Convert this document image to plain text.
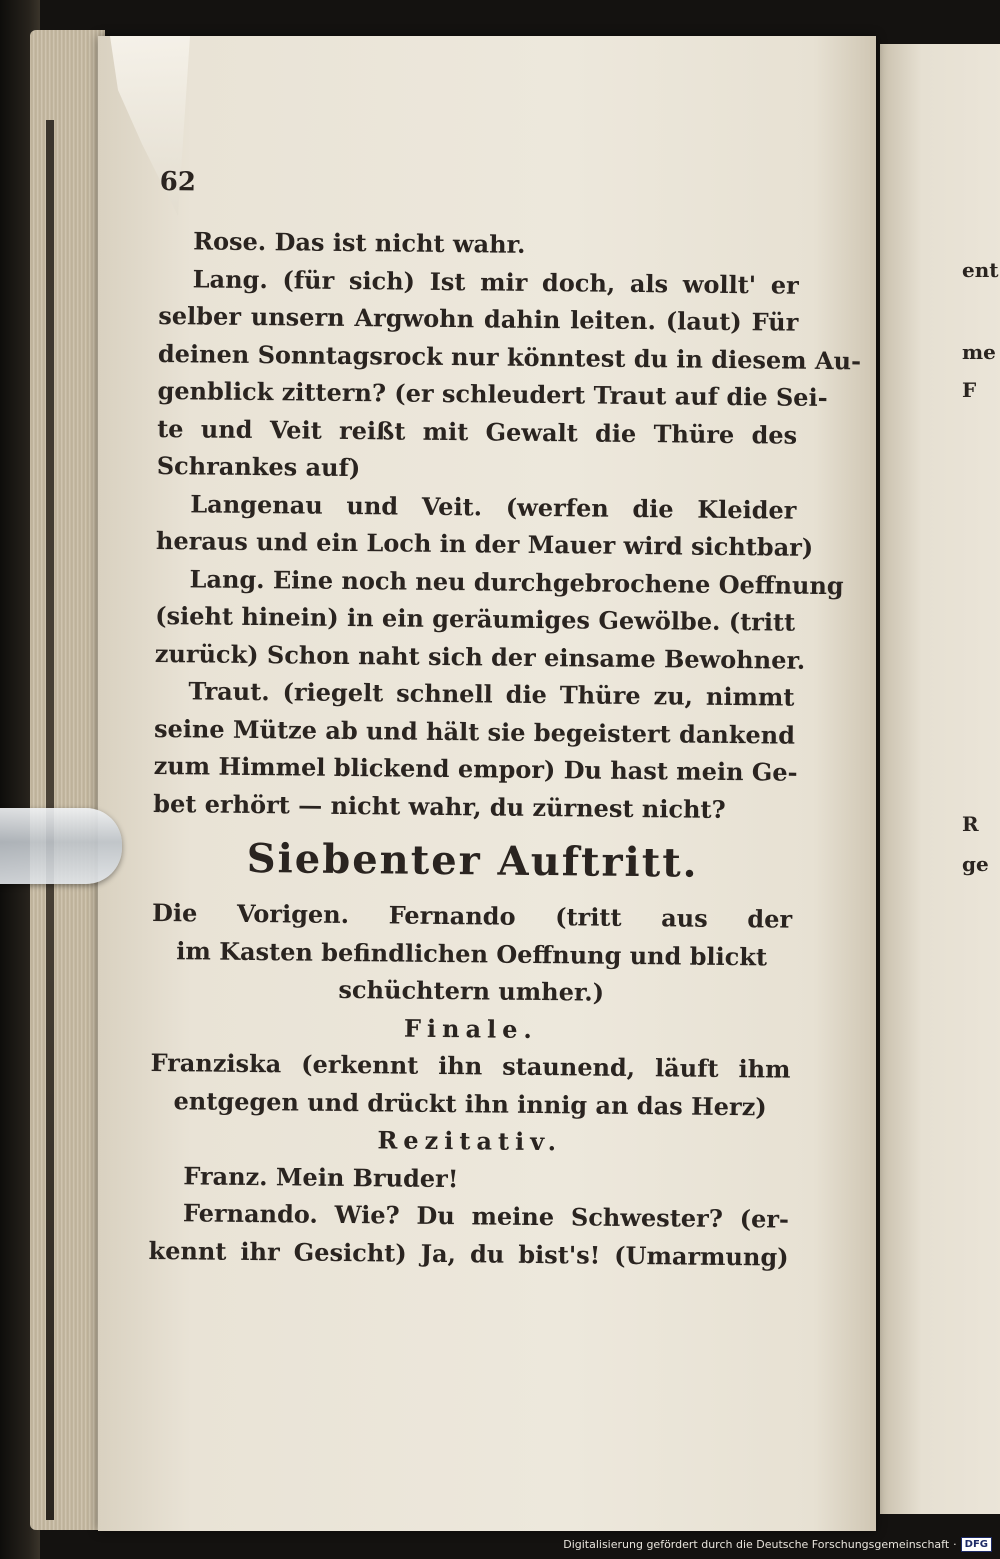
62
Rose. Das ist nicht wahr.
Lang. (für sich) Ist mir doch, als wollt' er
selber unsern Argwohn dahin leiten. (laut) Für
deinen Sonntagsrock nur könntest du in diesem Au-
genblick zittern? (er schleudert Traut auf die Sei-
te und Veit reißt mit Gewalt die Thüre des
Schrankes auf)
Langenau und Veit. (werfen die Kleider
heraus und ein Loch in der Mauer wird sichtbar)
Lang. Eine noch neu durchgebrochene Oeffnung
(sieht hinein) in ein geräumiges Gewölbe. (tritt
zurück) Schon naht sich der einsame Bewohner.
Traut. (riegelt schnell die Thüre zu, nimmt
seine Mütze ab und hält sie begeistert dankend
zum Himmel blickend empor) Du hast mein Ge-
bet erhört — nicht wahr, du zürnest nicht?
Siebenter Auftritt.
Die Vorigen. Fernando (tritt aus der
im Kasten befindlichen Oeffnung und blickt
schüchtern umher.)
Finale.
Franziska (erkennt ihn staunend, läuft ihm
entgegen und drückt ihn innig an das Herz)
Rezitativ.
Franz. Mein Bruder!
Fernando. Wie? Du meine Schwester? (er-
kennt ihr Gesicht) Ja, du bist's! (Umarmung)
ent
me
F
R
ge
Digitalisierung gefördert durch die Deutsche Forschungsgemeinschaft · DFG
